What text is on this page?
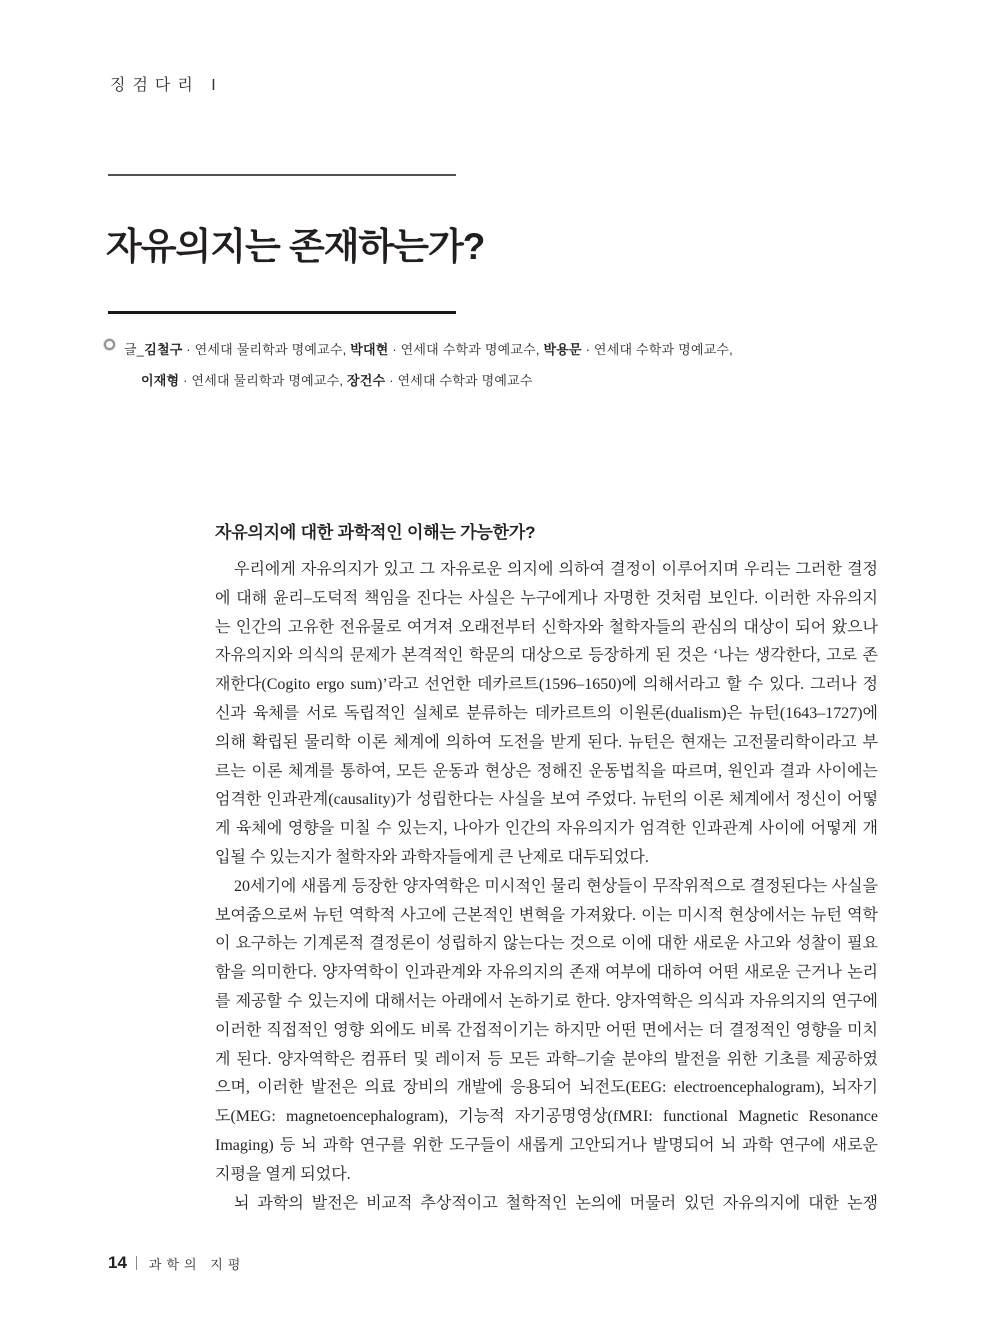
징검다리 I
자유의지는 존재하는가?
글_김철구 · 연세대 물리학과 명예교수, 박대현 · 연세대 수학과 명예교수, 박용문 · 연세대 수학과 명예교수,
이재형 · 연세대 물리학과 명예교수, 장건수 · 연세대 수학과 명예교수
자유의지에 대한 과학적인 이해는 가능한가?
우리에게 자유의지가 있고 그 자유로운 의지에 의하여 결정이 이루어지며 우리는 그러한 결정
에 대해 윤리–도덕적 책임을 진다는 사실은 누구에게나 자명한 것처럼 보인다. 이러한 자유의지
는 인간의 고유한 전유물로 여겨져 오래전부터 신학자와 철학자들의 관심의 대상이 되어 왔으나
자유의지와 의식의 문제가 본격적인 학문의 대상으로 등장하게 된 것은 ‘나는 생각한다, 고로 존
재한다(Cogito ergo sum)’라고 선언한 데카르트(1596–1650)에 의해서라고 할 수 있다. 그러나 정
신과 육체를 서로 독립적인 실체로 분류하는 데카르트의 이원론(dualism)은 뉴턴(1643–1727)에
의해 확립된 물리학 이론 체계에 의하여 도전을 받게 된다. 뉴턴은 현재는 고전물리학이라고 부
르는 이론 체계를 통하여, 모든 운동과 현상은 정해진 운동법칙을 따르며, 원인과 결과 사이에는
엄격한 인과관계(causality)가 성립한다는 사실을 보여 주었다. 뉴턴의 이론 체계에서 정신이 어떻
게 육체에 영향을 미칠 수 있는지, 나아가 인간의 자유의지가 엄격한 인과관계 사이에 어떻게 개
입될 수 있는지가 철학자와 과학자들에게 큰 난제로 대두되었다.
20세기에 새롭게 등장한 양자역학은 미시적인 물리 현상들이 무작위적으로 결정된다는 사실을
보여줌으로써 뉴턴 역학적 사고에 근본적인 변혁을 가져왔다. 이는 미시적 현상에서는 뉴턴 역학
이 요구하는 기계론적 결정론이 성립하지 않는다는 것으로 이에 대한 새로운 사고와 성찰이 필요
함을 의미한다. 양자역학이 인과관계와 자유의지의 존재 여부에 대하여 어떤 새로운 근거나 논리
를 제공할 수 있는지에 대해서는 아래에서 논하기로 한다. 양자역학은 의식과 자유의지의 연구에
이러한 직접적인 영향 외에도 비록 간접적이기는 하지만 어떤 면에서는 더 결정적인 영향을 미치
게 된다. 양자역학은 컴퓨터 및 레이저 등 모든 과학–기술 분야의 발전을 위한 기초를 제공하였
으며, 이러한 발전은 의료 장비의 개발에 응용되어 뇌전도(EEG: electroencephalogram), 뇌자기
도(MEG: magnetoencephalogram), 기능적 자기공명영상(fMRI: functional Magnetic Resonance
Imaging) 등 뇌 과학 연구를 위한 도구들이 새롭게 고안되거나 발명되어 뇌 과학 연구에 새로운
지평을 열게 되었다.
뇌 과학의 발전은 비교적 추상적이고 철학적인 논의에 머물러 있던 자유의지에 대한 논쟁
14 과학의 지평
